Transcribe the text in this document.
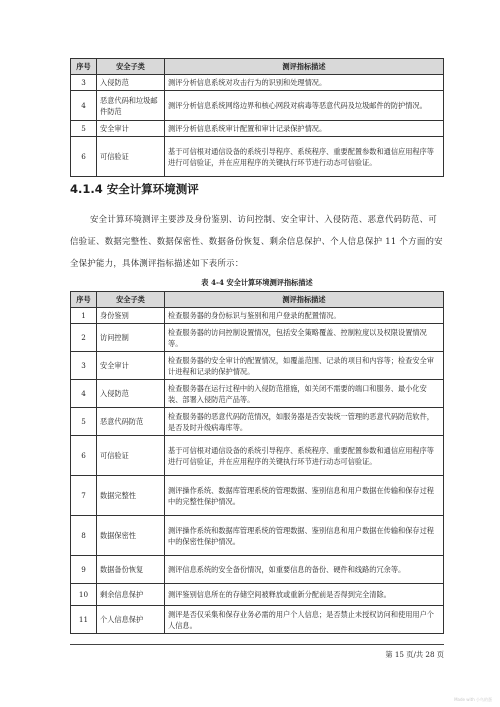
序号	安全子类	测评指标描述
3	入侵防范	测评分析信息系统对攻击行为的识别和处理情况。
4	恶意代码和垃圾邮件防范	测评分析信息系统网络边界和核心网段对病毒等恶意代码及垃圾邮件的防护情况。
5	安全审计	测评分析信息系统审计配置和审计记录保护情况。
6	可信验证	基于可信根对通信设备的系统引导程序、系统程序、重要配置参数和通信应用程序等　进行可信验证，并在应用程序的关键执行环节进行动态可信验证。
4.1.4 安全计算环境测评
安全计算环境测评主要涉及身份鉴别、访问控制、安全审计、入侵防范、恶意代码防范、可信验证、数据完整性、数据保密性、数据备份恢复、剩余信息保护、个人信息保护 11 个方面的安全保护能力，具体测评指标描述如下表所示：
表 4-4 安全计算环境测评指标描述
序号	安全子类	测评指标描述
1	身份鉴别	检查服务器的身份标识与鉴别和用户登录的配置情况。
2	访问控制	检查服务器的访问控制设置情况，包括安全策略覆盖、控制粒度以及权限设置情况等。
3	安全审计	检查服务器的安全审计的配置情况，如覆盖范围、记录的项目和内容等；检查安全审计进程和记录的保护情况。
4	入侵防范	检查服务器在运行过程中的入侵防范措施，如关闭不需要的端口和服务、最小化安装、部署入侵防范产品等。
5	恶意代码防范	检查服务器的恶意代码防范情况，如服务器是否安装统一管理的恶意代码防范软件，是否及时升级病毒库等。
6	可信验证	基于可信根对通信设备的系统引导程序、系统程序、重要配置参数和通信应用程序等进行可信验证，并在应用程序的关键执行环节进行动态可信验证。
7	数据完整性	测评操作系统、数据库管理系统的管理数据、鉴别信息和用户数据在传输和保存过程中的完整性保护情况。
8	数据保密性	测评操作系统和数据库管理系统的管理数据、鉴别信息和用户数据在传输和保存过程中的保密性保护情况。
9	数据备份恢复	测评信息系统的安全备份情况，如重要信息的备份、硬件和线路的冗余等。
10	剩余信息保护	测评鉴别信息所在的存储空间被释放或重新分配前是否得到完全清除。
11	个人信息保护	测评是否仅采集和保存业务必需的用户个人信息；是否禁止未授权访问和使用用户个人信息。
第 15 页/共 28 页
Made with 小鸟的蛋
